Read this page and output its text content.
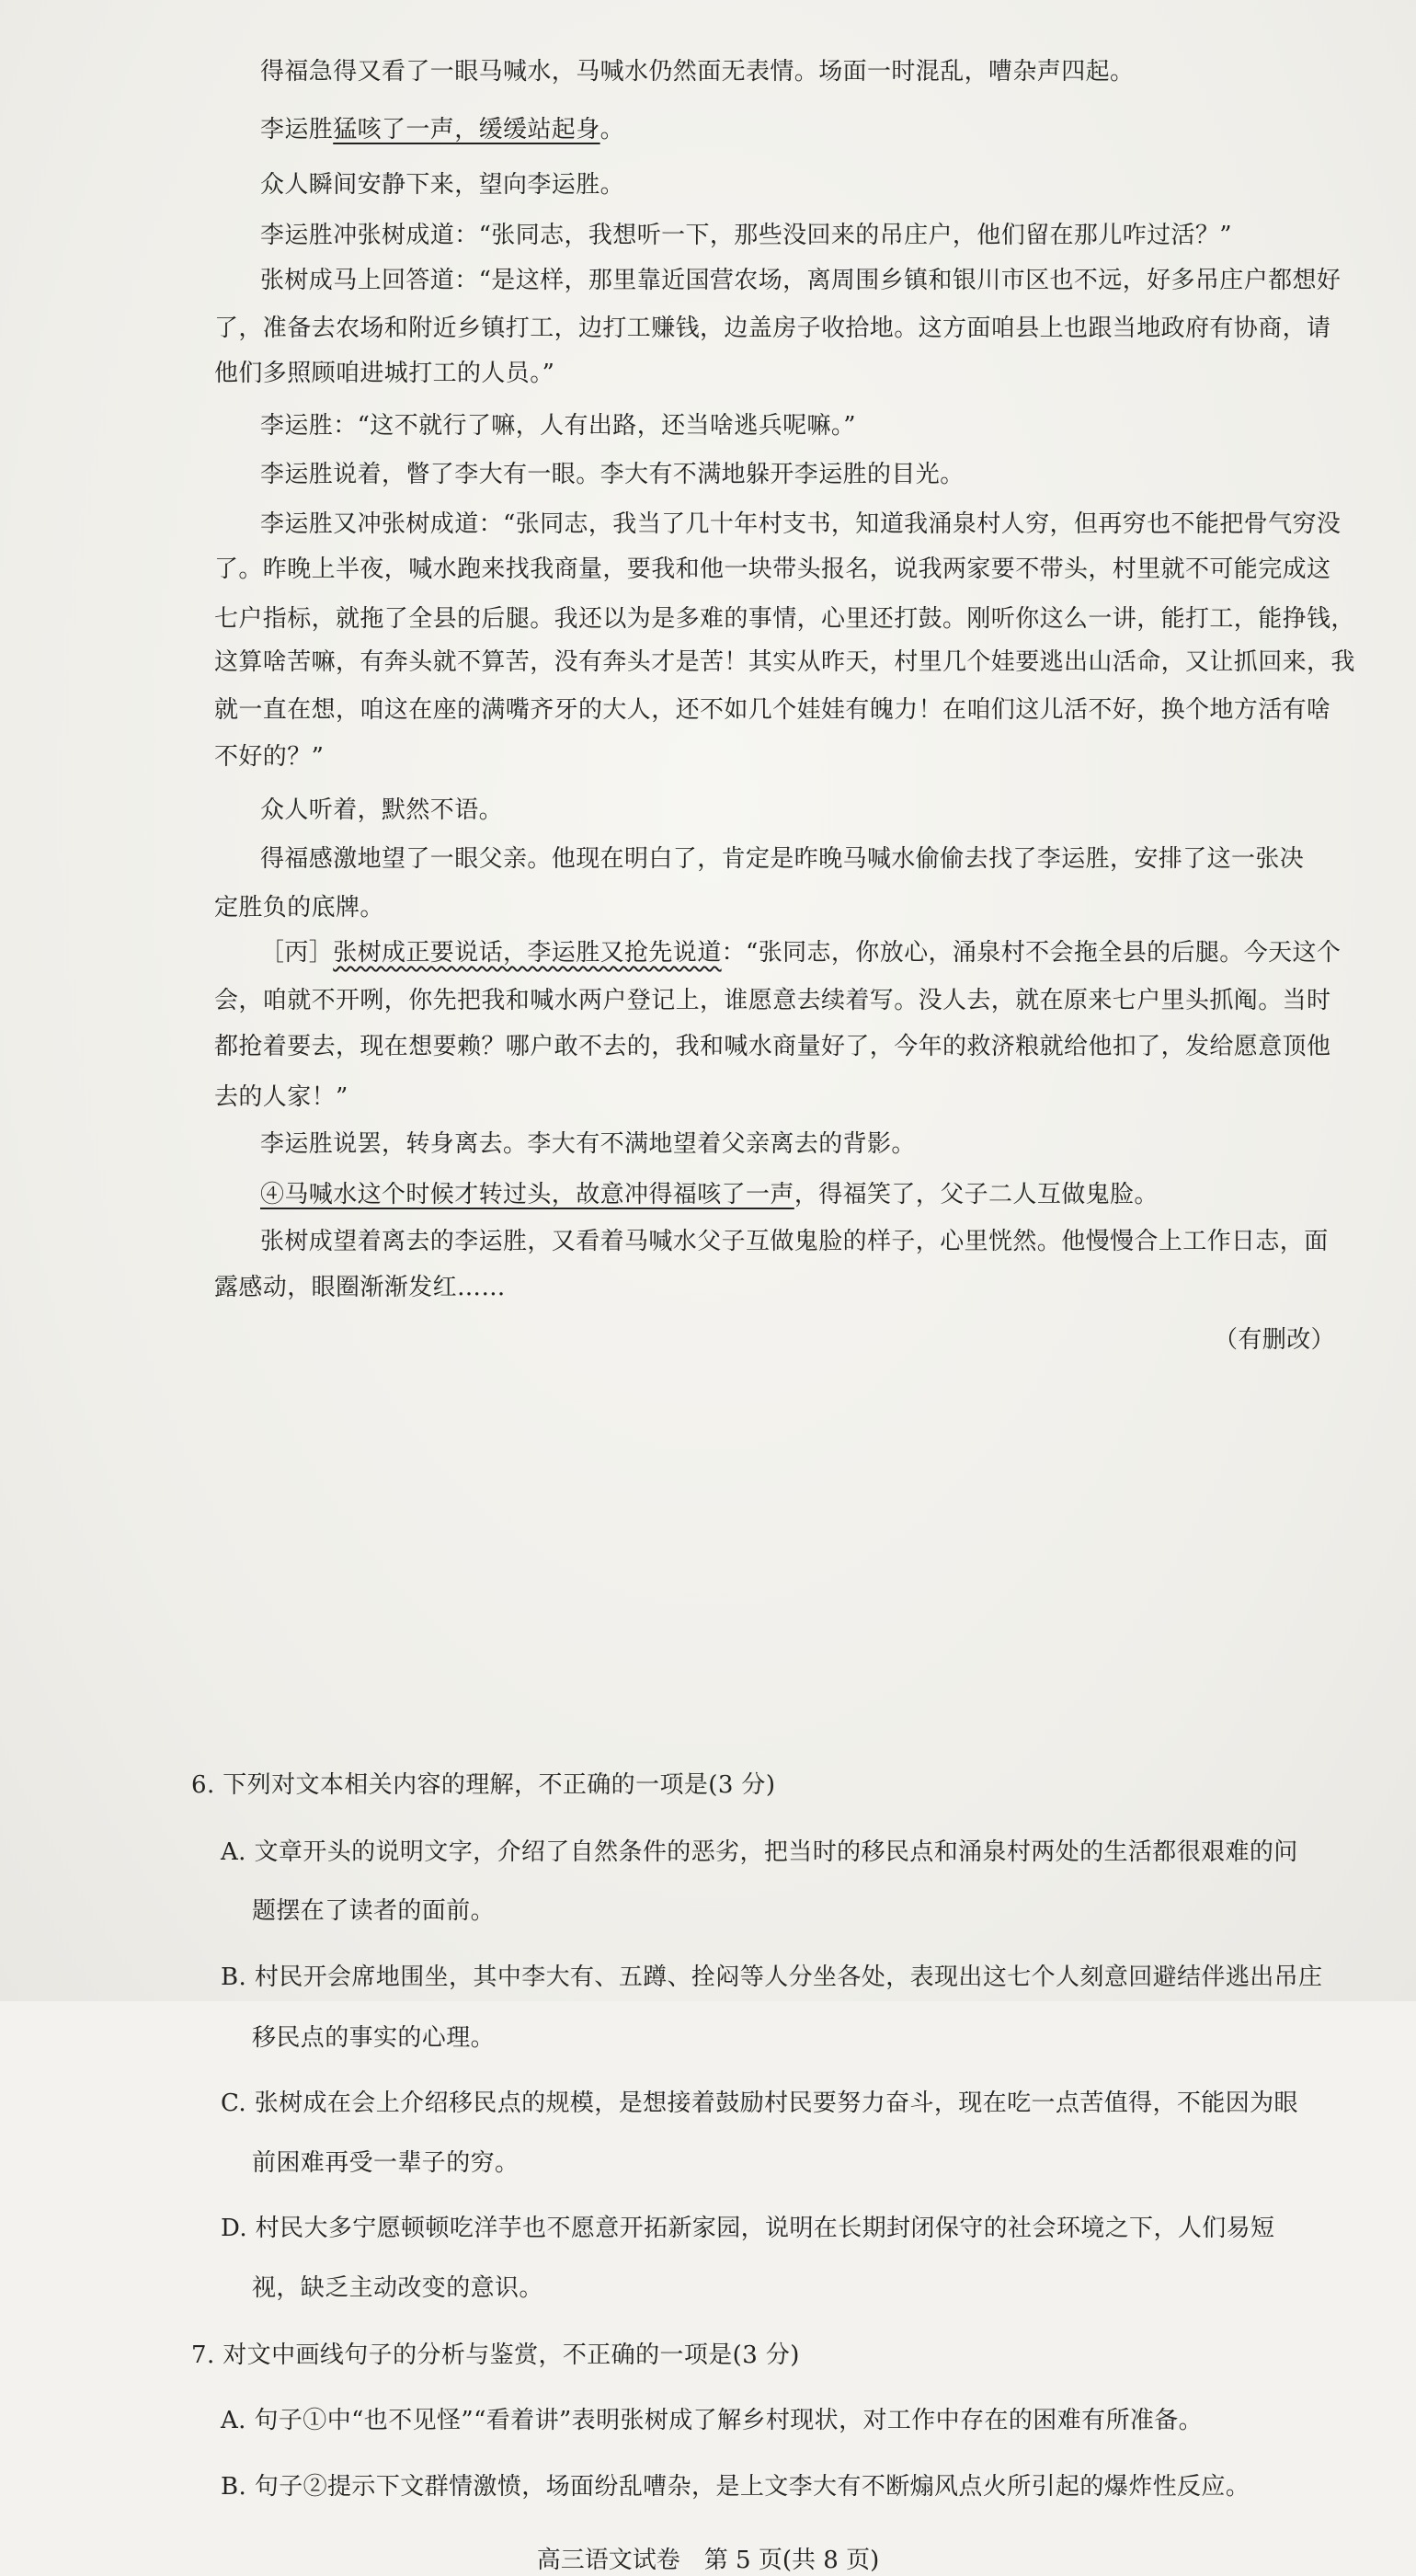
得福急得又看了一眼马喊水，马喊水仍然面无表情。场面一时混乱，嘈杂声四起。
李运胜猛咳了一声，缓缓站起身。
众人瞬间安静下来，望向李运胜。
李运胜冲张树成道：“张同志，我想听一下，那些没回来的吊庄户，他们留在那儿咋过活？”
张树成马上回答道：“是这样，那里靠近国营农场，离周围乡镇和银川市区也不远，好多吊庄户都想好
了，准备去农场和附近乡镇打工，边打工赚钱，边盖房子收拾地。这方面咱县上也跟当地政府有协商，请
他们多照顾咱进城打工的人员。”
李运胜：“这不就行了嘛，人有出路，还当啥逃兵呢嘛。”
李运胜说着，瞥了李大有一眼。李大有不满地躲开李运胜的目光。
李运胜又冲张树成道：“张同志，我当了几十年村支书，知道我涌泉村人穷，但再穷也不能把骨气穷没
了。昨晚上半夜，喊水跑来找我商量，要我和他一块带头报名，说我两家要不带头，村里就不可能完成这
七户指标，就拖了全县的后腿。我还以为是多难的事情，心里还打鼓。刚听你这么一讲，能打工，能挣钱，
这算啥苦嘛，有奔头就不算苦，没有奔头才是苦！其实从昨天，村里几个娃要逃出山活命，又让抓回来，我
就一直在想，咱这在座的满嘴齐牙的大人，还不如几个娃娃有魄力！在咱们这儿活不好，换个地方活有啥
不好的？”
众人听着，默然不语。
得福感激地望了一眼父亲。他现在明白了，肯定是昨晚马喊水偷偷去找了李运胜，安排了这一张决
定胜负的底牌。
［丙］张树成正要说话，李运胜又抢先说道：“张同志，你放心，涌泉村不会拖全县的后腿。今天这个
会，咱就不开咧，你先把我和喊水两户登记上，谁愿意去续着写。没人去，就在原来七户里头抓阄。当时
都抢着要去，现在想要赖？哪户敢不去的，我和喊水商量好了，今年的救济粮就给他扣了，发给愿意顶他
去的人家！”
李运胜说罢，转身离去。李大有不满地望着父亲离去的背影。
④马喊水这个时候才转过头，故意冲得福咳了一声，得福笑了，父子二人互做鬼脸。
张树成望着离去的李运胜，又看着马喊水父子互做鬼脸的样子，心里恍然。他慢慢合上工作日志，面
露感动，眼圈渐渐发红……
（有删改）
6. 下列对文本相关内容的理解，不正确的一项是(3 分)
A. 文章开头的说明文字，介绍了自然条件的恶劣，把当时的移民点和涌泉村两处的生活都很艰难的问
题摆在了读者的面前。
B. 村民开会席地围坐，其中李大有、五蹲、拴闷等人分坐各处，表现出这七个人刻意回避结伴逃出吊庄
移民点的事实的心理。
C. 张树成在会上介绍移民点的规模，是想接着鼓励村民要努力奋斗，现在吃一点苦值得，不能因为眼
前困难再受一辈子的穷。
D. 村民大多宁愿顿顿吃洋芋也不愿意开拓新家园，说明在长期封闭保守的社会环境之下，人们易短
视，缺乏主动改变的意识。
7. 对文中画线句子的分析与鉴赏，不正确的一项是(3 分)
高三语文试卷　第 5 页(共 8 页)
A. 句子①中“也不见怪”“看着讲”表明张树成了解乡村现状，对工作中存在的困难有所准备。
B. 句子②提示下文群情激愤，场面纷乱嘈杂，是上文李大有不断煽风点火所引起的爆炸性反应。
